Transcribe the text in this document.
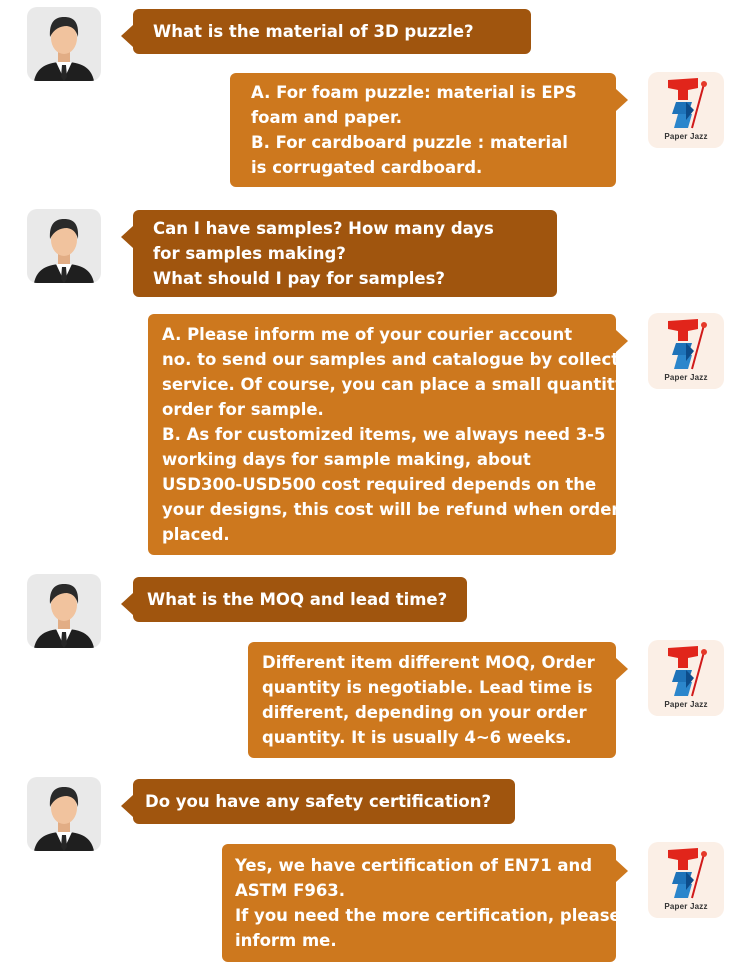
What is the material of 3D puzzle?
A. For foam puzzle: material is EPS
foam and paper.
B. For cardboard puzzle : material
is corrugated cardboard.
Paper Jazz
Can I have samples? How many days
for samples making?
What should I pay for samples?
A. Please inform me of your courier account
no. to send our samples and catalogue by collect
service. Of course, you can place a small quantity
order for sample.
B. As for customized items, we always need 3-5
working days for sample making, about
USD300-USD500 cost required depends on the
your designs, this cost will be refund when order
placed.
Paper Jazz
What is the MOQ and lead time?
Different item different MOQ, Order
quantity is negotiable. Lead time is
different, depending on your order
quantity. It is usually 4~6 weeks.
Paper Jazz
Do you have any safety certification?
Yes, we have certification of EN71 and
ASTM F963.
If you need the more certification, please
inform me.
Paper Jazz
